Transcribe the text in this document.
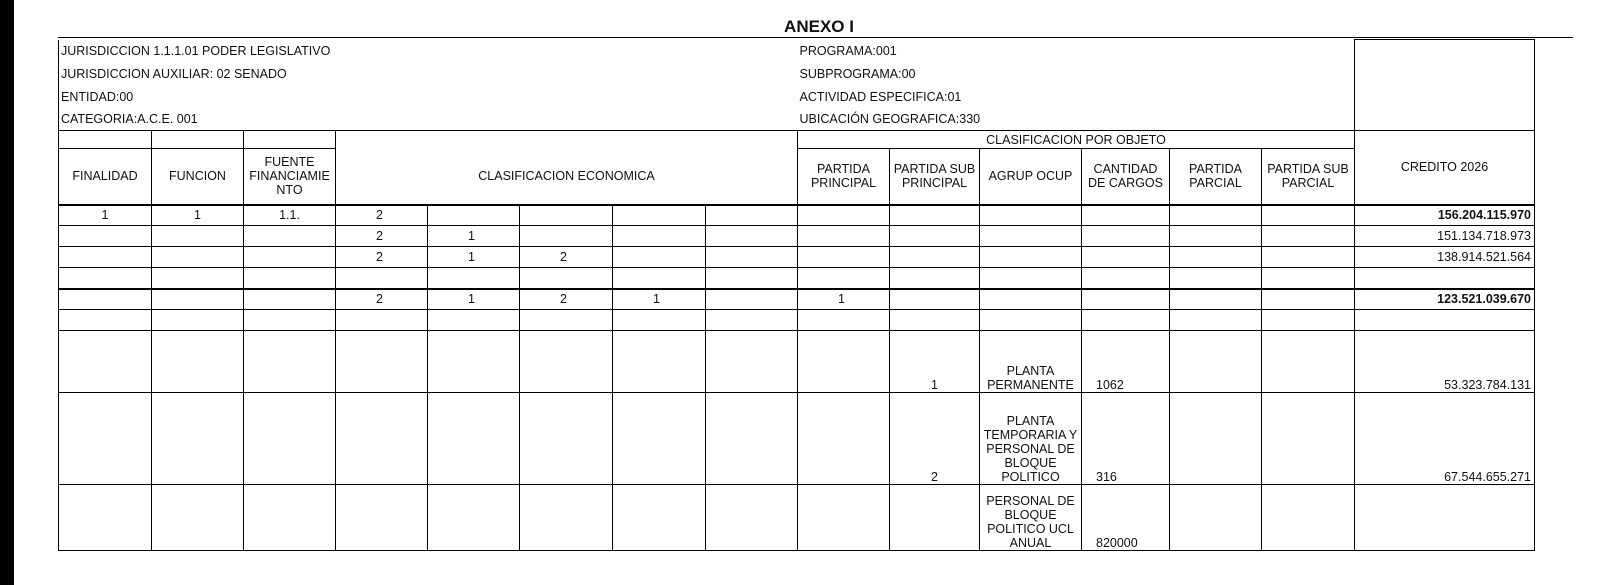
ANEXO I
JURISDICCION 1.1.1.01 PODER LEGISLATIVO								PROGRAMA:001						
JURISDICCION AUXILIAR: 02 SENADO								SUBPROGRAMA:00						
ENTIDAD:00								ACTIVIDAD ESPECIFICA:01						
CATEGORIA:A.C.E. 001								UBICACIÓN GEOGRAFICA:330						
								CLASIFICACION POR OBJETO						CREDITO 2026
FINALIDAD	FUNCION	FUENTE FINANCIAMIE NTO	CLASIFICACION ECONOMICA					PARTIDA PRINCIPAL	PARTIDA SUB PRINCIPAL	AGRUP OCUP	CANTIDAD DE CARGOS	PARTIDA PARCIAL	PARTIDA SUB PARCIAL	
1	1	1.1.	2											156.204.115.970
			2	1										151.134.718.973
			2	1	2									138.914.521.564

			2	1	2	1		1						123.521.039.670

									1	PLANTA PERMANENTE	1062			53.323.784.131
									2	PLANTA TEMPORARIA Y PERSONAL DE BLOQUE POLITICO	316			67.544.655.271
										PERSONAL DE BLOQUE POLITICO UCL ANUAL	820000			
